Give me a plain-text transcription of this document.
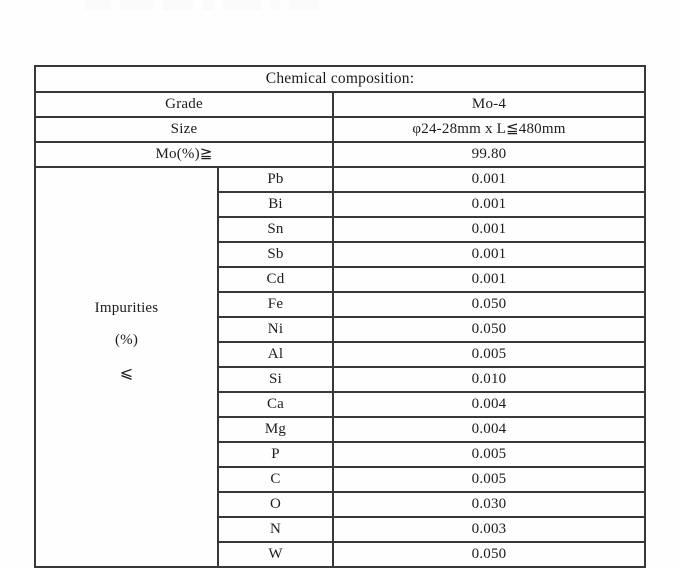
Chemical composition:		
Grade		Mo-4
Size		φ24-28mm x L≦480mm
Mo(%)≧		99.80

Impurities
(%)
⩽	Pb	0.001
	Bi	0.001
	Sn	0.001
	Sb	0.001
	Cd	0.001
	Fe	0.050
	Ni	0.050
	Al	0.005
	Si	0.010
	Ca	0.004
	Mg	0.004
	P	0.005
	C	0.005
	O	0.030
	N	0.003
	W	0.050
